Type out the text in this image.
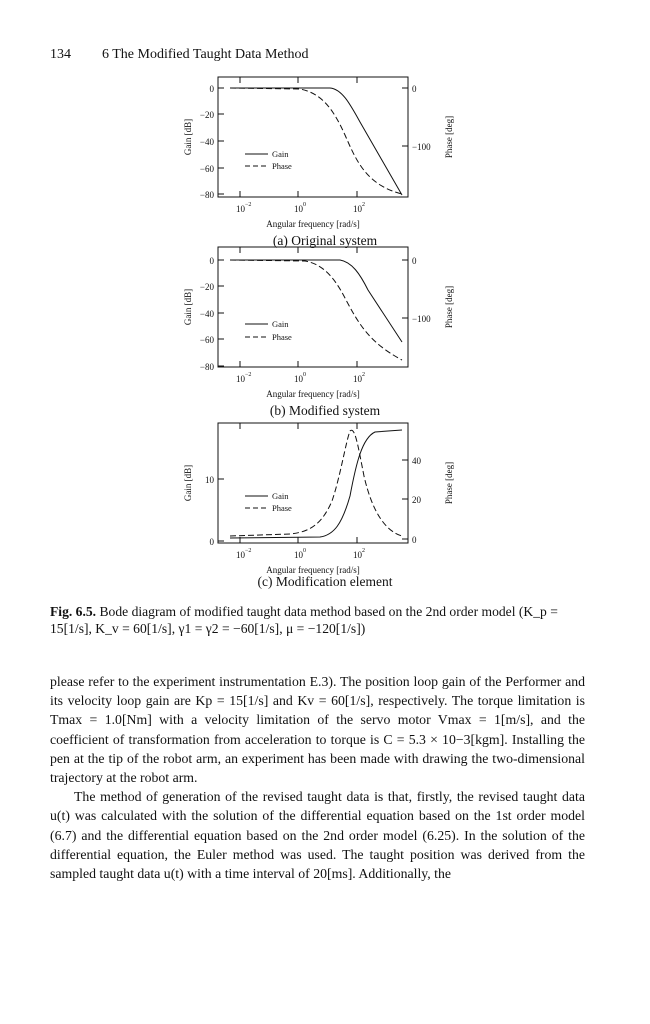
134 6 The Modified Taught Data Method
0
−20
−40
−60
−80
0
−100
10 −2	10 0	10 2
Angular frequency [rad/s]
Gain [dB]	Phase [deg]
Gain
Phase
(a) Original system
0
−20
−40
−60
−80
0
−100
10 −2	10 0	10 2
Angular frequency [rad/s]
Gain [dB]	Phase [deg]
Gain
Phase
(b) Modified system
10
0
40
20
0
10 −2	10 0	10 2
Angular frequency [rad/s]
Gain [dB]	Phase [deg]
Gain
Phase
(c) Modification element
Fig. 6.5. Bode diagram of modified taught data method based on the 2nd order model (K_p = 15[1/s], K_v = 60[1/s], γ1 = γ2 = −60[1/s], μ = −120[1/s])

please refer to the experiment instrumentation E.3). The position loop gain of the Performer and its velocity loop gain are Kp = 15[1/s] and Kv = 60[1/s], respectively. The torque limitation is Tmax = 1.0[Nm] with a velocity limitation of the servo motor Vmax = 1[m/s], and the coefficient of transformation from acceleration to torque is C = 5.3 × 10−3[kgm]. Installing the pen at the tip of the robot arm, an experiment has been made with drawing the two-dimensional trajectory at the robot arm.

The method of generation of the revised taught data is that, firstly, the revised taught data u(t) was calculated with the solution of the differential equation based on the 1st order model (6.7) and the differential equation based on the 2nd order model (6.25). In the solution of the differential equation, the Euler method was used. The taught position was derived from the sampled taught data u(t) with a time interval of 20[ms]. Additionally, the
